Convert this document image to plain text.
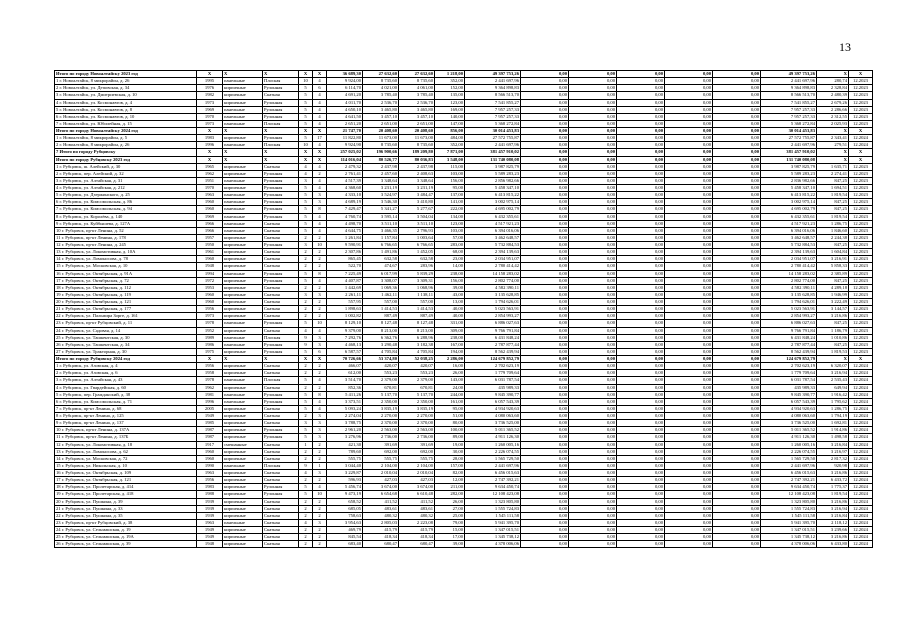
13
Итого по городу Новоалтайску 2023 год	X	X	X	X	X	36 689,30	27 632,60	27 632,60	1 218,00	49 397 753,26	0,00	0,00	0,00	0,00	0,00	49 397 753,26	X	X
1 г. Новоалтайск, 8 микрорайон, д. 26	1995	панельные	Плоская	10	4	9 924,00	8 735,60	8 735,60	352,00	2 441 697,96	0,00	0,00	0,00	0,00	0,00	2 441 697,96	280,74	12.2023
2 г. Новоалтайск, ул. Деповская, д. 34	1976	кирпичные	Рулонная	5	6	6 114,70	4 021,00	4 061,00	152,00	9 364 898,83	0,00	0,00	0,00	0,00	0,00	9 364 898,83	2 328,84	12.2023
3 г. Новоалтайск, ул. Дмитриевская, д. 10	1982	кирпичные	Скатная	5	4	4 691,20	3 785,40	3 785,40	135,00	8 566 513,70	0,00	0,00	0,00	0,00	0,00	8 566 513,70	2 480,39	12.2023
4 г. Новоалтайск, ул. Космонавтов, д. 4	1973	кирпичные	Рулонная	5	4	4 011,70	2 536,70	2 536,70	123,00	7 541 855,27	0,00	0,00	0,00	0,00	0,00	7 541 855,27	2 679,26	12.2023
5 г. Новоалтайск, ул. Космонавтов, д. 8	1969	панельные	Рулонная	5	4	4 650,10	3 465,80	3 465,80	169,00	7 957 257,33	0,00	0,00	0,00	0,00	0,00	7 957 257,33	2 286,66	12.2023
6 г. Новоалтайск, ул. Космонавтов, д. 10	1970	панельные	Рулонная	5	4	4 641,50	3 457,10	3 457,10	140,00	7 957 257,33	0,00	0,00	0,00	0,00	0,00	7 957 257,33	2 312,55	12.2023
7 г. Новоалтайск, ул. Юбилейная, д. 15	1973	панельные	Плоская	5	4	2 651,20	2 651,00	2 651,00	147,00	5 368 272,84	0,00	0,00	0,00	0,00	0,00	5 368 272,84	2 025,93	12.2023
Итого по городу Новоалтайску 2024 год	X	X	X	X	X	21 747,70	20 408,60	20 408,60	856,00	30 014 453,83	0,00	0,00	0,00	0,00	0,00	30 014 453,83	X	X
1 г. Новоалтайск, 8 микрорайон, д. 5	1983	кирпичные	Рулонная	5	17	11 822,80	11 673,00	11 673,00	484,00	27 572 755,87	0,00	0,00	0,00	0,00	0,00	27 572 755,87	2 343,41	12.2024
2 г. Новоалтайск, 8 микрорайон, д. 26	1996	панельные	Плоская	10	4	9 924,90	8 735,60	8 735,60	352,00	2 441 697,96	0,00	0,00	0,00	0,00	0,00	2 441 697,96	279,51	12.2024
7 Итого по городу Рубцовску	X	X	X	X	X	257 025,02	196 900,66	189 209,80	7 871,00	381 457 910,02	0,00	0,00	0,00	0,00	0,00	381 457 910,02	X	X
Итого по городу Рубцовску 2023 год	X	X	X	X	X	114 016,04	80 526,77	80 036,83	3 548,00	131 740 080,08	0,00	0,00	0,00	0,00	0,00	131 740 080,08	X	X
1 г. Рубцовск, ш. Алейский, д. 30	1965	кирпичные	Скатная	4	4	2 479,32	2 437,98	2 437,98	115,00	3 987 825,79	0,00	0,00	0,00	0,00	0,00	3 987 825,79	1 635,71	12.2023
2 г. Рубцовск, пер. Алейский, д. 32	1962	кирпичные	Рулонная	4	2	2 761,41	2 457,60	2 408,63	103,00	5 589 283,23	0,00	0,00	0,00	0,00	0,00	5 589 283,23	2 274,41	12.2023
3 г. Рубцовск, ул. Алтайская, д. 31	1951	панельные	Рулонная	3	4	4 517,39	3 348,64	3 348,64	156,00	2 856 982,66	0,00	0,00	0,00	0,00	0,00	2 836 982,66	847,25	12.2023
4 г. Рубцовск, ул. Алтайская, д. 212	1970	кирпичные	Рулонная	5	4	4 368,60	3 231,19	3 231,19	95,00	5 458 347,10	0,00	0,00	0,00	0,00	0,00	5 458 347,10	1 694,51	12.2023
5 г. Рубцовск, ул. Дзержинского, д. 25	1963	панельные	Рулонная	5	3	4 333,10	3 524,97	3 484,47	137,00	6 413 815,22	0,00	0,00	0,00	0,00	0,00	6 413 815,22	1 819,54	12.2023
6 г. Рубцовск, ул. Комсомольская, д. 86	1960	панельные	Рулонная	5	3	4 689,19	3 546,30	3 410,80	141,00	3 002 975,14	0,00	0,00	0,00	0,00	0,00	3 002 975,14	847,25	12.2023
7 г. Рубцовск, ул. Комсомольская, д. 94	1960	панельные	Рулонная	5	8	7 429,47	5 341,27	5 277,67	222,00	4 695 002,79	0,00	0,00	0,00	0,00	0,00	4 695 002,79	847,25	12.2023
8 г. Рубцовск, ул. Королёва, д. 140	1969	панельные	Рулонная	5	4	4 760,74	3 595,14	3 504,04	134,00	6 432 355,61	0,00	0,00	0,00	0,00	0,00	6 432 355,61	1 819,54	12.2023
9 г. Рубцовск, ул. Куйбышева, д. 127А	1966	панельные	Скатная	5	4	4 498,70	3 511,10	3 511,10	123,00	4 517 921,23	0,00	0,00	0,00	0,00	0,00	4 517 921,23	1 286,75	12.2023
10 г. Рубцовск, пр-кт Ленина, д. 52	1966	панельные	Скатная	5	4	4 644,75	3 466,35	2 796,93	103,00	6 394 016,06	0,00	0,00	0,00	0,00	0,00	6 394 016,06	1 846,60	12.2023
11 г. Рубцовск, пр-кт Ленина, д. 178	1957	кирпичные	Скатная	2	2	1 261,84	1 157,84	1 003,64	57,00	3 462 648,57	0,00	0,00	0,00	0,00	0,00	3 462 648,57	2 244,38	12.2023
12 г. Рубцовск, пр-кт Ленина, д. 245	1950	кирпичные	Рулонная	3	10	9 590,91	6 766,65	6 766,65	283,00	5 732 884,53	0,00	0,00	0,00	0,00	0,00	5 732 884,53	847,25	12.2023
13 г. Рубцовск, ул. Локомотивная, д. 10А	1961	кирпичные	Скатная	2	2	2 307,86	1 491,86	1 452,05	68,00	2 394 139,63	0,00	0,00	0,00	0,00	0,00	2 394 139,63	1 604,84	12.2023
14 г. Рубцовск, ул. Ломоносова, д. 78	1960	кирпичные	Скатная	2	2	865,45	632,58	632,58	23,00	2 034 951,07	0,00	0,00	0,00	0,00	0,00	2 034 951,07	3 216,91	12.2023
15 г. Рубцовск, ул. Московская, д. 10	1948	кирпичные	Скатная	2	2	522,70	474,67	283,96	14,00	2 780 414,42	0,00	0,00	0,00	0,00	0,00	2 780 414,42	5 858,33	12.2023
16 г. Рубцовск, ул. Октябрьская, д. 91А	1994	панельные	Рулонная	5	8	7 225,49	6 017,99	5 839,29	238,00	14 158 283,02	0,00	0,00	0,00	0,00	0,00	14 158 283,02	2 385,89	12.2023
17 г. Рубцовск, ул. Октябрьская, д. 72	1972	кирпичные	Рулонная	5	4	4 407,87	3 308,07	3 309,31	156,00	2 802 774,00	0,00	0,00	0,00	0,00	0,00	2 802 774,00	847,25	12.2023
18 г. Рубцовск, ул. Октябрьская, д. 112	1953	кирпичные	Скатная	2	2	1 442,69	1 069,36	1 068,96	39,00	4 582 390,11	0,00	0,00	0,00	0,00	0,00	4 582 390,11	4 289,18	12.2023
19 г. Рубцовск, ул. Октябрьская, д. 119	1960	кирпичные	Скатная	3	3	2 261,11	1 462,11	1 138,11	43,00	3 135 628,85	0,00	0,00	0,00	0,00	0,00	3 135 628,85	1 946,99	12.2023
20 г. Рубцовск, ул. Октябрьская, д. 121	1960	кирпичные	Скатная	2	2	557,95	557,00	557,00	13,00	1 794 626,01	0,00	0,00	0,00	0,00	0,00	1 794 626,01	3 222,49	12.2023
21 г. Рубцовск, ул. Октябрьская, д. 177	1956	кирпичные	Скатная	2	2	1 898,63	1 414,53	1 414,53	40,00	5 023 563,91	0,00	0,00	0,00	0,00	0,00	5 023 563,91	3 144,57	12.2023
22 г. Рубцовск, ул. Пальмира Зорге, д. 161	1973	кирпичные	Скатная	2	2	1 002,82	887,49	887,49	40,00	2 854 993,27	0,00	0,00	0,00	0,00	0,00	2 854 993,27	3 216,86	12.2023
23 г. Рубцовск, пр-кт Рубцовский, д. 11	1978	панельные	Рулонная	5	10	8 129,10	8 127,48	8 127,48	331,00	6 886 027,63	0,00	0,00	0,00	0,00	0,00	6 886 027,63	847,25	12.2023
24 г. Рубцовск, ул. Садовая, д. 14	1952	кирпичные	Скатная	4	4	9 379,00	8 213,00	8 213,00	309,00	9 766 791,84	0,00	0,00	0,00	0,00	0,00	9 766 791,84	1 186,79	12.2023
25 г. Рубцовск, ул. Ташкентская, д. 30	1989	панельные	Плоская	9	3	7 292,76	6 362,76	6 288,96	238,00	6 431 848,24	0,00	0,00	0,00	0,00	0,00	6 431 848,24	1 010,86	12.2023
26 г. Рубцовск, ул. Ташкентская, д. 34	1986	панельные	Рулонная	9	3	4 468,13	3 290,48	3 182,38	167,00	2 787 877,44	0,00	0,00	0,00	0,00	0,00	2 787 877,44	847,25	12.2023
27 г. Рубцовск, ул. Тракторная, д. 30	1975	кирпичные	Рулонная	5	6	6 587,57	4 705,84	4 705,84	194,00	8 562 439,94	0,00	0,00	0,00	0,00	0,00	8 562 439,94	1 819,53	12.2023
Итого по городу Рубцовску 2024 год	X	X	X	X	X	70 726,66	53 374,80	52 038,25	2 286,00	124 679 852,79	0,00	0,00	0,00	0,00	0,00	124 679 852,79	X	X
1 г. Рубцовск, ул. Азовская, д. 4	1956	кирпичные	Скатная	2	2	466,07	420,07	420,07	16,00	2 702 623,19	0,00	0,00	0,00	0,00	0,00	2 702 623,19	6 320,07	12.2024
2 г. Рубцовск, ул. Азовская, д. 6	1958	кирпичные	Скатная	2	2	612,00	553,23	553,23	26,00	1 779 709,64	0,00	0,00	0,00	0,00	0,00	1 779 709,64	3 216,94	12.2024
3 г. Рубцовск, ул. Алтайская, д. 43	1978	панельные	Плоская	5	4	3 514,70	2 379,00	2 379,00	143,00	6 031 787,54	0,00	0,00	0,00	0,00	0,00	6 031 787,54	2 535,43	12.2024
4 г. Рубцовск, ул. Гвардейская, д. 60	1962	кирпичные	Скатная	2	2	852,36	670,81	670,81	24,00	435 989,33	0,00	0,00	0,00	0,00	0,00	435 989,33	649,94	12.2024
5 г. Рубцовск, пер. Гражданский, д. 38	1981	панельные	Рулонная	5	8	5 411,26	5 137,70	5 137,70	244,00	9 845 390,77	0,00	0,00	0,00	0,00	0,00	9 845 390,77	1 916,42	12.2024
6 г. Рубцовск, ул. Комсомольская, д. 71	1996	панельные	Рулонная	5	4	3 373,51	2 350,00	2 350,00	161,00	6 057 543,39	0,00	0,00	0,00	0,00	0,00	6 057 543,39	1 795,62	12.2024
7 г. Рубцовск, пр-кт Ленина, д. 68	2005	кирпичные	Скатная	5	4	5 093,24	3 835,19	3 835,19	95,00	4 934 920,63	0,00	0,00	0,00	0,00	0,00	4 934 920,63	1 286,75	12.2024
8 г. Рубцовск, пр-кт Ленина, д. 125	1949	кирпичные	Скатная	2	3	2 274,04	2 270,00	2 270,00	51,00	4 080 063,60	0,00	0,00	0,00	0,00	0,00	4 080 063,60	1 794,19	12.2024
9 г. Рубцовск, пр-кт Ленина, д. 137	1985	кирпичные	Скатная	3	3	3 788,75	2 370,00	2 370,00	80,00	3 736 525,00	0,00	0,00	0,00	0,00	0,00	3 736 525,00	1 692,81	12.2024
10 г. Рубцовск, пр-кт Ленина, д. 137А	1987	кирпичные	Рулонная	5	3	2 961,20	2 563,00	2 563,00	100,00	5 011 365,52	0,00	0,00	0,00	0,00	0,00	5 011 365,52	1 914,86	12.2024
11 г. Рубцовск, пр-кт Ленина, д. 137Б	1987	кирпичные	Рулонная	5	3	3 276,96	2 736,00	2 736,00	89,00	4 911 126,30	0,00	0,00	0,00	0,00	0,00	4 911 126,30	1 498,58	12.2024
12 г. Рубцовск, ул. Локомотивная, д. 18	1917	смешанные	Скатная	1	2	421,30	391,69	391,69	19,00	1 260 005,16	0,00	0,00	0,00	0,00	0,00	1 260 005,16	3 216,84	12.2024
13 г. Рубцовск, ул. Ломоносова, д. 62	1960	кирпичные	Скатная	2	2	789,60	692,00	692,00	30,00	2 226 074,55	0,00	0,00	0,00	0,00	0,00	2 226 074,55	3 216,97	12.2024
14 г. Рубцовск, ул. Московская, д. 72	1960	кирпичные	Скатная	2	2	555,75	555,75	555,75	28,00	1 565 729,50	0,00	0,00	0,00	0,00	0,00	1 565 729,50	2 817,32	12.2024
15 г. Рубцовск, ул. Никольская, д. 10	1990	панельные	Плоская	9	1	3 044,40	2 104,00	2 104,00	157,00	2 441 697,96	0,00	0,00	0,00	0,00	0,00	2 441 697,96	920,98	12.2024
16 г. Рубцовск, ул. Октябрьская, д. 109	1963	кирпичные	Скатная	4	3	3 229,87	2 010,04	2 010,04	82,00	6 456 015,63	0,00	0,00	0,00	0,00	0,00	6 456 015,63	3 216,86	12.2024
17 г. Рубцовск, ул. Октябрьская, д. 121	1956	кирпичные	Скатная	2	2	596,93	427,03	427,03	12,00	2 747 392,21	0,00	0,00	0,00	0,00	0,00	2 747 392,21	6 433,72	12.2024
18 г. Рубцовск, ул. Пролетарская, д. 414	1983	кирпичные	Рулонная	5	4	5 456,74	3 674,00	3 674,00	211,00	9 634 450,74	0,00	0,00	0,00	0,00	0,00	9 634 450,74	1 775,37	12.2024
19 г. Рубцовск, ул. Пролетарская, д. 418	1988	кирпичные	Рулонная	5	10	9 473,19	6 654,68	6 610,48	282,00	12 108 423,08	0,00	0,00	0,00	0,00	0,00	12 108 423,08	1 819,54	12.2024
20 г. Рубцовск, ул. Пушкина, д. 39	1939	кирпичные	Скатная	2	2	658,52	411,52	411,52	26,00	1 323 805,80	0,00	0,00	0,00	0,00	0,00	1 323 805,80	3 216,86	12.2024
21 г. Рубцовск, ул. Пушкина, д. 33	1939	кирпичные	Скатная	2	2	685,05	483,61	483,61	27,00	1 555 724,83	0,00	0,00	0,00	0,00	0,00	1 555 724,83	3 216,94	12.2024
22 г. Рубцовск, ул. Пушкина, д. 35	1939	кирпичные	Скатная	2	2	758,63	480,32	480,32	25,00	1 545 111,58	0,00	0,00	0,00	0,00	0,00	1 545 111,58	3 216,84	12.2024
23 г. Рубцовск, пр-кт Рубцовский, д. 38	1963	панельные	Скатная	4	3	3 954,63	2 805,03	2 223,08	79,00	5 941 395,70	0,00	0,00	0,00	0,00	0,00	5 941 395,70	2 118,12	12.2024
24 г. Рубцовск, ул. Сельмашская, д. 19	1949	кирпичные	Скатная	2	2	469,79	415,79	415,79	15,00	1 347 015,51	0,00	0,00	0,00	0,00	0,00	1 347 015,51	3 239,66	12.2024
25 г. Рубцовск, ул. Сельмашская, д. 19А	1949	кирпичные	Скатная	2	2	845,54	418,34	418,34	17,00	1 345 738,12	0,00	0,00	0,00	0,00	0,00	1 345 738,12	3 216,86	12.2024
26 г. Рубцовск, ул. Сельмашская, д. 39	1948	кирпичные	Скатная	2	2	683,40	680,47	680,47	39,00	4 378 006,06	0,00	0,00	0,00	0,00	0,00	4 378 006,06	6 433,80	12.2024
